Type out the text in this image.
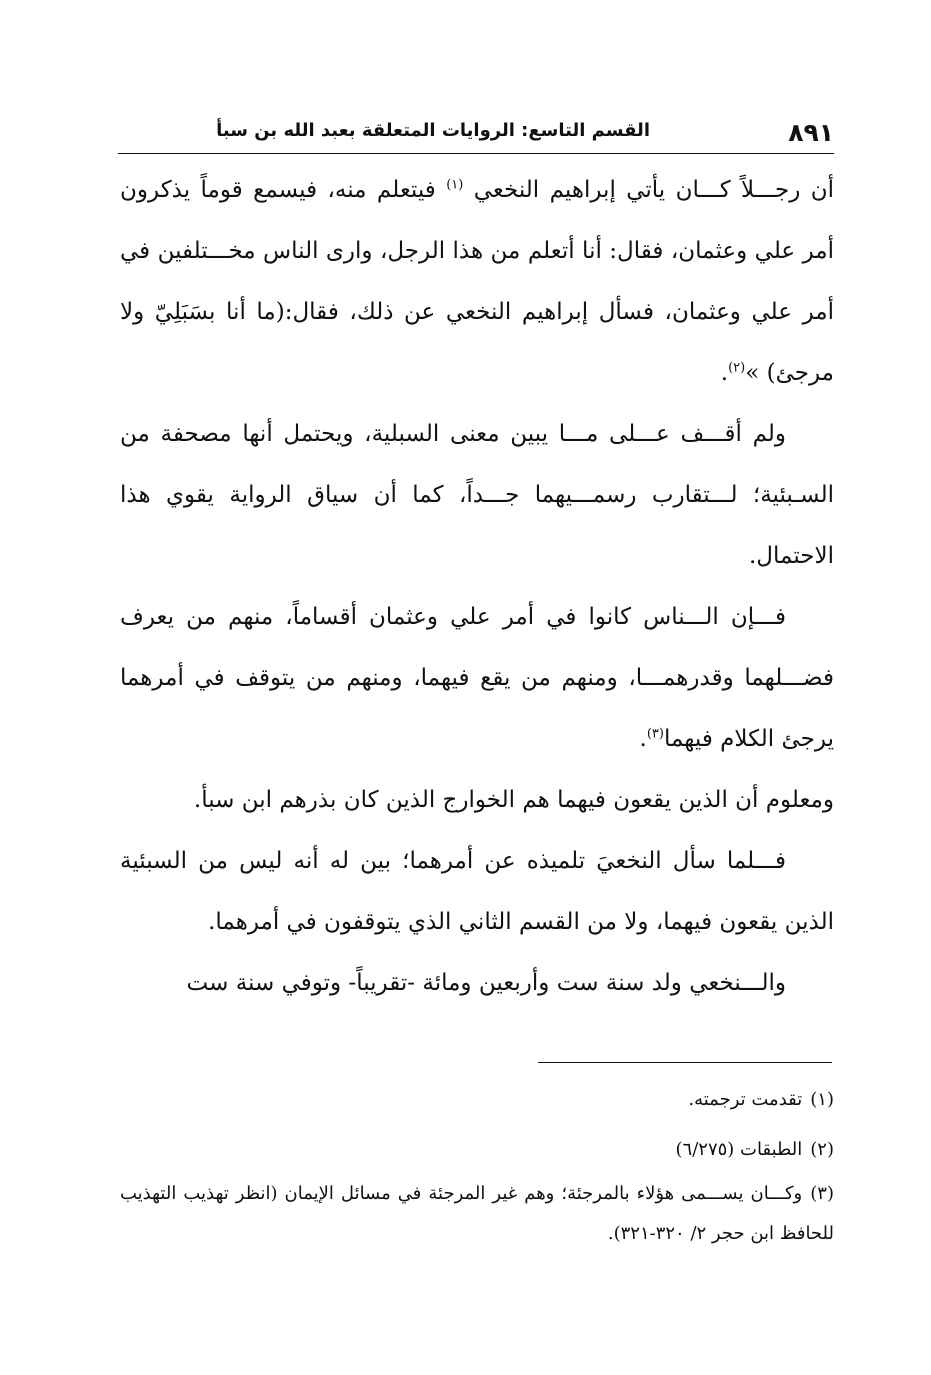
٨٩١
القسم التاسع: الروايات المتعلقة بعبد الله بن سبأ

أن رجـــلاً كـــان يأتي إبراهيم النخعي $^{(١)}$ فيتعلم منه، فيسمع قوماً يذكرون أمر علي وعثمان، فقال: أنا أتعلم من هذا الرجل، وارى الناس مخـــتلفين في أمر علي وعثمان، فسأل إبراهيم النخعي عن ذلك، فقال:(ما أنا بسَبَلِيّ ولا مرجئ) »$^{(٢)}$.

ولم أقـــف عـــلى مـــا يبين معنى السبلية، ويحتمل أنها مصحفة من السـبئية؛ لـــتقارب رسمـــيهما جـــداً، كما أن سياق الرواية يقوي هذا الاحتمال.

فـــإن الـــناس كانوا في أمر علي وعثمان أقساماً، منهم من يعرف فضـــلهما وقدرهمـــا، ومنهم من يقع فيهما، ومنهم من يتوقف في أمرهما يرجئ الكلام فيهما$^{(٣)}$.

ومعلوم أن الذين يقعون فيهما هم الخوارج الذين كان بذرهم ابن سبأ.

فـــلما سأل النخعيَ تلميذه عن أمرهما؛ بين له أنه ليس من السبئية الذين يقعون فيهما، ولا من القسم الثاني الذي يتوقفون في أمرهما.

والـــنخعي ولد سنة ست وأربعين ومائة -تقريباً- وتوفي سنة ست

(١)تقدمت ترجمته.

(٢)الطبقات (٦/٢٧٥)

(٣)وكـــان يســـمى هؤلاء بالمرجئة؛ وهم غير المرجئة في مسائل الإيمان (انظر تهذيب التهذيب للحافظ ابن حجر ٢/ ٣٢٠-٣٢١).
